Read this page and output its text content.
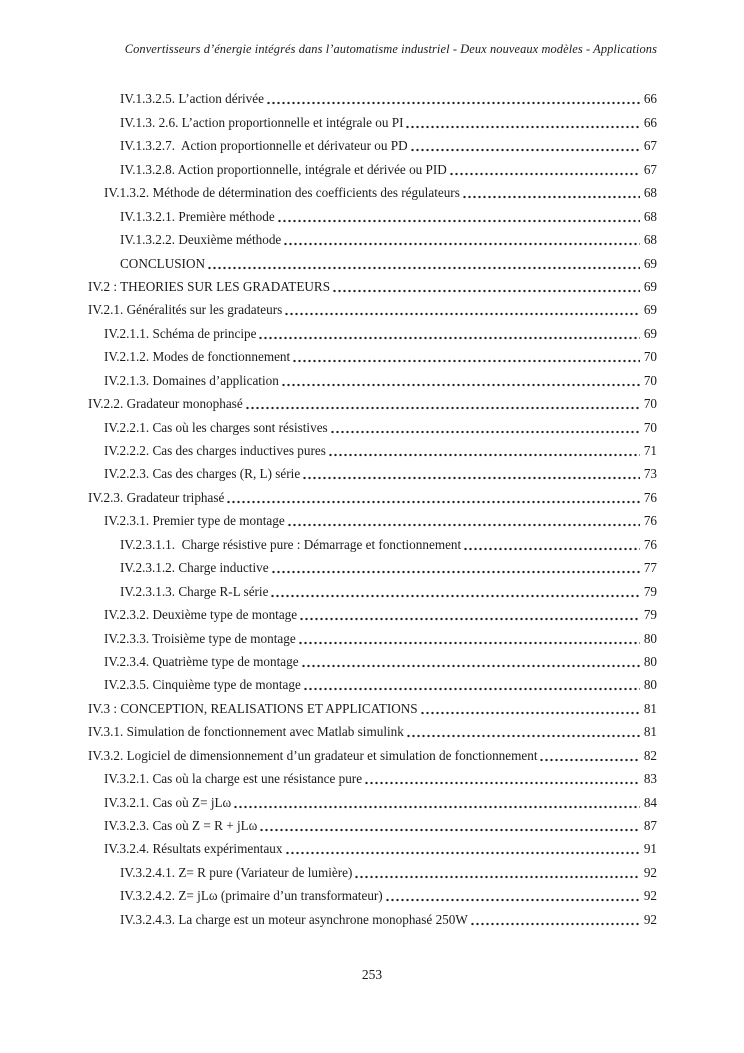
Convertisseurs d’énergie intégrés dans l’automatisme industriel - Deux nouveaux modèles - Applications
IV.1.3.2.5. L’action dérivée	66
IV.1.3. 2.6. L’action proportionnelle et intégrale ou PI	66
IV.1.3.2.7.  Action proportionnelle et dérivateur ou PD	67
IV.1.3.2.8. Action proportionnelle, intégrale et dérivée ou PID	67
IV.1.3.2. Méthode de détermination des coefficients des régulateurs	68
IV.1.3.2.1. Première méthode	68
IV.1.3.2.2. Deuxième méthode	68
CONCLUSION	69
IV.2 : THEORIES SUR LES GRADATEURS	69
IV.2.1. Généralités sur les gradateurs	69
IV.2.1.1. Schéma de principe	69
IV.2.1.2. Modes de fonctionnement	70
IV.2.1.3. Domaines d’application	70
IV.2.2. Gradateur monophasé	70
IV.2.2.1. Cas où les charges sont résistives	70
IV.2.2.2. Cas des charges inductives pures	71
IV.2.2.3. Cas des charges (R, L) série	73
IV.2.3. Gradateur triphasé	76
IV.2.3.1. Premier type de montage	76
IV.2.3.1.1.  Charge résistive pure : Démarrage et fonctionnement	76
IV.2.3.1.2. Charge inductive	77
IV.2.3.1.3. Charge R-L série	79
IV.2.3.2. Deuxième type de montage	79
IV.2.3.3. Troisième type de montage	80
IV.2.3.4. Quatrième type de montage	80
IV.2.3.5. Cinquième type de montage	80
IV.3 : CONCEPTION, REALISATIONS ET APPLICATIONS	81
IV.3.1. Simulation de fonctionnement avec Matlab simulink	81
IV.3.2. Logiciel de dimensionnement d’un gradateur et simulation de fonctionnement	82
IV.3.2.1. Cas où la charge est une résistance pure	83
IV.3.2.1. Cas où Z= jLω	84
IV.3.2.3. Cas où Z = R + jLω	87
IV.3.2.4. Résultats expérimentaux	91
IV.3.2.4.1. Z= R pure (Variateur de lumière)	92
IV.3.2.4.2. Z= jLω (primaire d’un transformateur)	92
IV.3.2.4.3. La charge est un moteur asynchrone monophasé 250W	92
253
